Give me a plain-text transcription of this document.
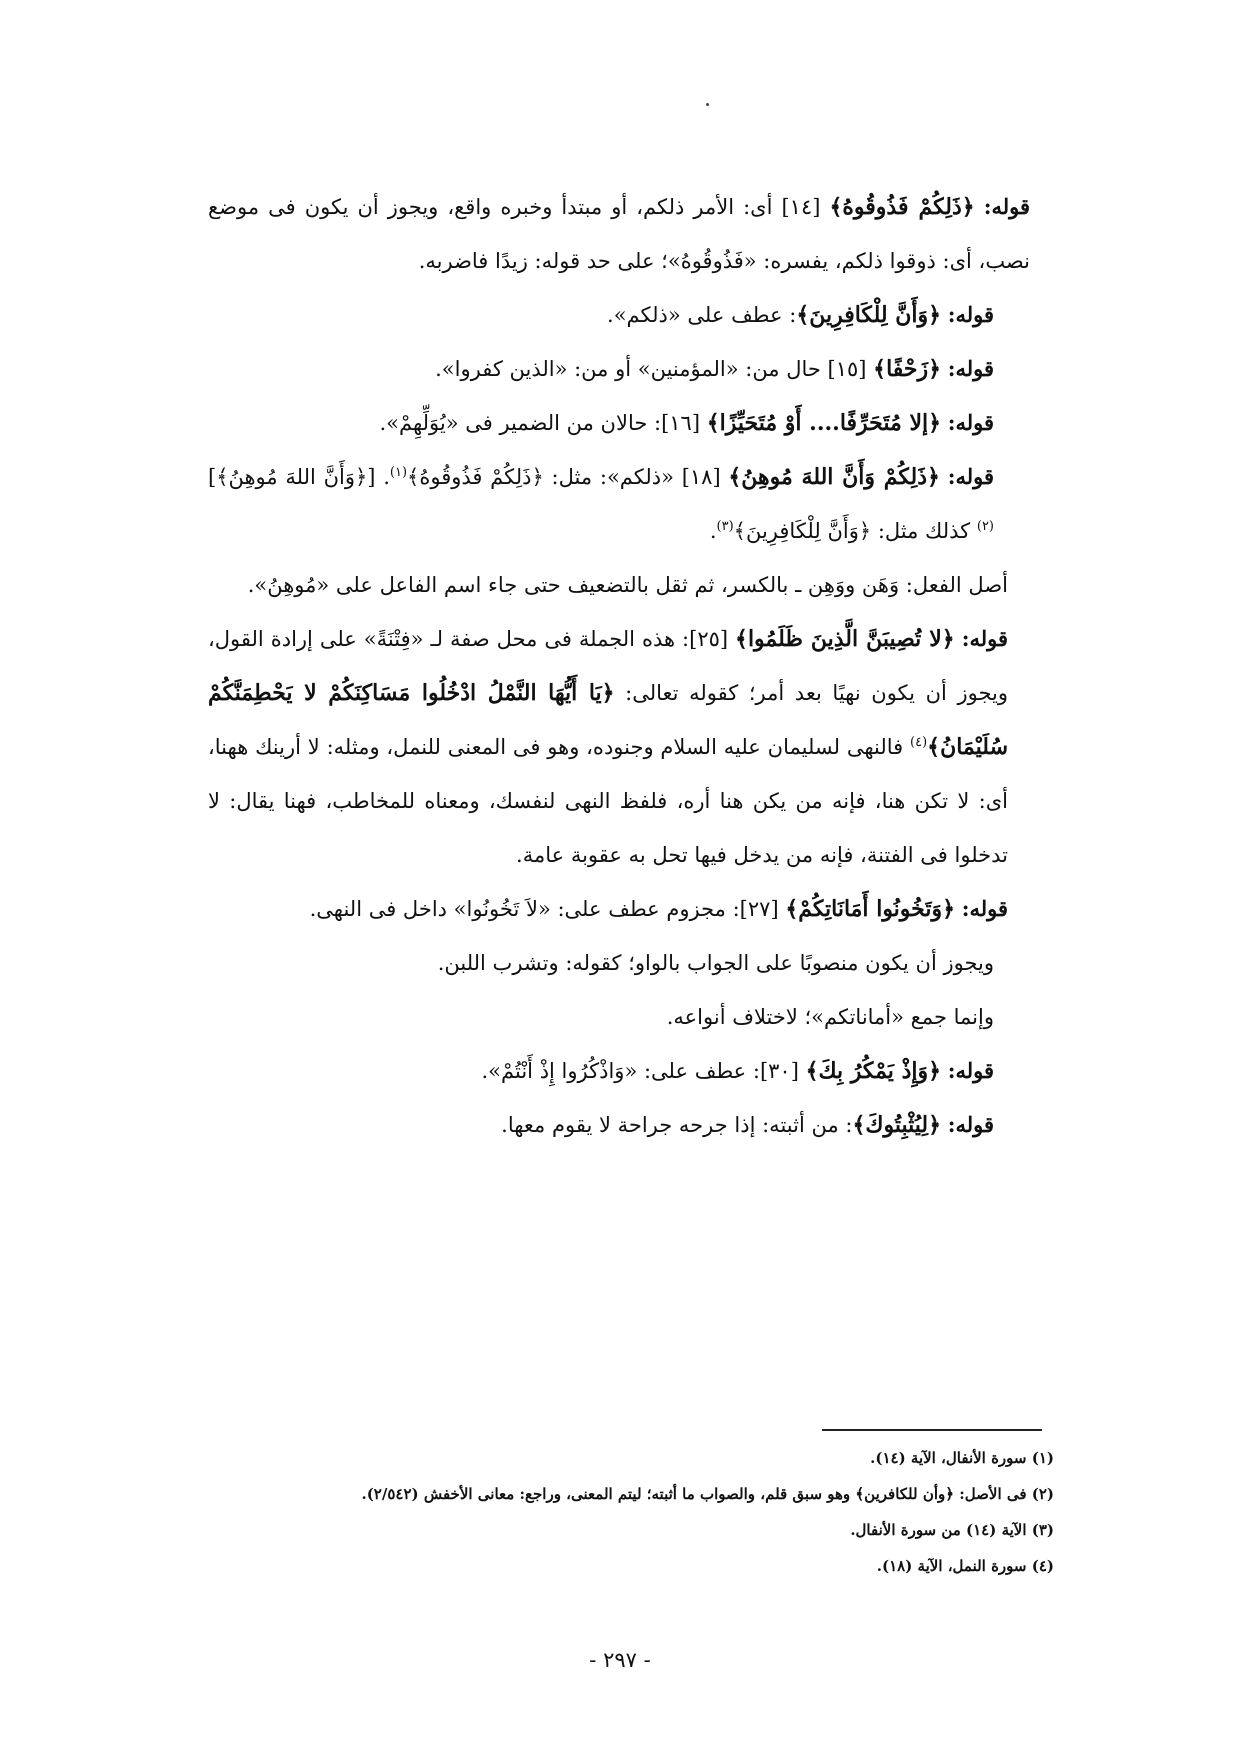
قوله: ﴿ذَلِكُمْ فَذُوقُوهُ﴾ [١٤] أى: الأمر ذلكم، أو مبتدأ وخبره واقع، ويجوز أن يكون فى موضع نصب، أى: ذوقوا ذلكم، يفسره: «فَذُوقُوهُ»؛ على حد قوله: زيدًا فاضربه.

قوله: ﴿وَأَنَّ لِلْكَافِرِينَ﴾: عطف على «ذلكم».

قوله: ﴿زَحْفًا﴾ [١٥] حال من: «المؤمنين» أو من: «الذين كفروا».

قوله: ﴿إلا مُتَحَرِّفًا.... أَوْ مُتَحَيِّزًا﴾ [١٦]: حالان من الضمير فى «يُوَلِّهِمْ».

قوله: ﴿ذَلِكُمْ وَأَنَّ اللهَ مُوهِنُ﴾ [١٨] «ذلكم»: مثل: ﴿ذَلِكُمْ فَذُوقُوهُ﴾$^{(١)}$. [﴿وَأَنَّ اللهَ مُوهِنُ﴾]$^{(٢)}$ كذلك مثل: ﴿وَأَنَّ لِلْكَافِرِينَ﴾$^{(٣)}$.

أصل الفعل: وَهَن ووَهِن ـ بالكسر، ثم ثقل بالتضعيف حتى جاء اسم الفاعل على «مُوهِنُ».

قوله: ﴿لا تُصِيبَنَّ الَّذِينَ ظَلَمُوا﴾ [٢٥]: هذه الجملة فى محل صفة لـ «فِتْنَةً» على إرادة القول، ويجوز أن يكون نهيًا بعد أمر؛ كقوله تعالى: ﴿يَا أَيُّهَا النَّمْلُ ادْخُلُوا مَسَاكِنَكُمْ لا يَحْطِمَنَّكُمْ سُلَيْمَانُ﴾$^{(٤)}$ فالنهى لسليمان عليه السلام وجنوده، وهو فى المعنى للنمل، ومثله: لا أرينك ههنا، أى: لا تكن هنا، فإنه من يكن هنا أره، فلفظ النهى لنفسك، ومعناه للمخاطب، فهنا يقال: لا تدخلوا فى الفتنة، فإنه من يدخل فيها تحل به عقوبة عامة.

قوله: ﴿وَتَخُونُوا أَمَانَاتِكُمْ﴾ [٢٧]: مجزوم عطف على: «لاَ تَخُونُوا» داخل فى النهى.

ويجوز أن يكون منصوبًا على الجواب بالواو؛ كقوله: وتشرب اللبن.

وإنما جمع «أماناتكم»؛ لاختلاف أنواعه.

قوله: ﴿وَإِذْ يَمْكُرُ بِكَ﴾ [٣٠]: عطف على: «وَاذْكُرُوا إِذْ أَنْتُمْ».

قوله: ﴿لِيُثْبِتُوكَ﴾: من أثبته: إذا جرحه جراحة لا يقوم معها.

(١) سورة الأنفال، الآية (١٤).

(٢) فى الأصل: ﴿وأن للكافرين﴾ وهو سبق قلم، والصواب ما أثبته؛ ليتم المعنى، وراجع: معانى الأخفش (٢/٥٤٢).

(٣) الآية (١٤) من سورة الأنفال.

(٤) سورة النمل، الآية (١٨).

- ٢٩٧ -
